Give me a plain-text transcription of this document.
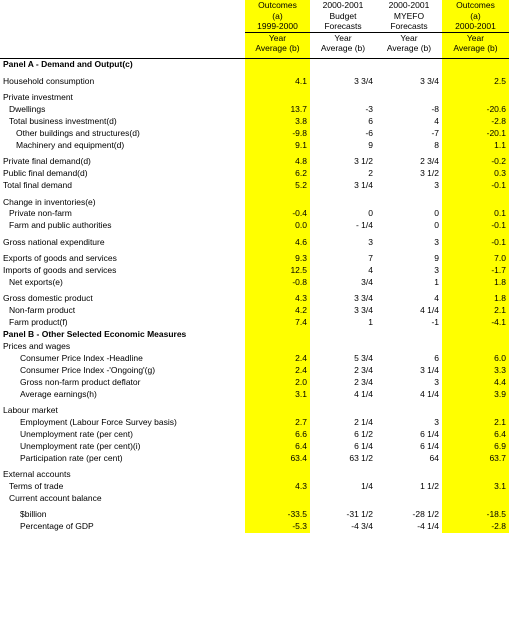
	Outcomes	2000-2001	2000-2001	Outcomes
	(a)	Budget	MYEFO	(a)
	1999-2000	Forecasts	Forecasts	2000-2001
	Year	Year	Year	Year
	Average (b)	Average (b)	Average (b)	Average (b)

Panel A - Demand and Output(c)				

Household consumption	4.1	3 3/4	3 3/4	2.5

Private investment				
Dwellings	13.7	-3	-8	-20.6
Total business investment(d)	3.8	6	4	-2.8
Other buildings and structures(d)	-9.8	-6	-7	-20.1
Machinery and equipment(d)	9.1	9	8	1.1

Private final demand(d)	4.8	3 1/2	2 3/4	-0.2
Public final demand(d)	6.2	2	3 1/2	0.3
Total final demand	5.2	3 1/4	3	-0.1

Change in inventories(e)				
Private non-farm	-0.4	0	0	0.1
Farm and public authorities	0.0	- 1/4	0	-0.1

Gross national expenditure	4.6	3	3	-0.1

Exports of goods and services	9.3	7	9	7.0
Imports of goods and services	12.5	4	3	-1.7
Net exports(e)	-0.8	3/4	1	1.8

Gross domestic product	4.3	3 3/4	4	1.8
Non-farm product	4.2	3 3/4	4 1/4	2.1
Farm product(f)	7.4	1	-1	-4.1
Panel B - Other Selected Economic Measures				
Prices and wages				
Consumer Price Index -Headline	2.4	5 3/4	6	6.0
Consumer Price Index -'Ongoing'(g)	2.4	2 3/4	3 1/4	3.3
Gross non-farm product deflator	2.0	2 3/4	3	4.4
Average earnings(h)	3.1	4 1/4	4 1/4	3.9

Labour market				
Employment (Labour Force Survey basis)	2.7	2 1/4	3	2.1
Unemployment rate (per cent)	6.6	6 1/2	6 1/4	6.4
Unemployment rate (per cent)(i)	6.4	6 1/4	6 1/4	6.9
Participation rate (per cent)	63.4	63 1/2	64	63.7

External accounts				
Terms of trade	4.3	1/4	1 1/2	3.1
Current account balance				

$billion	-33.5	-31 1/2	-28 1/2	-18.5
Percentage of GDP	-5.3	-4 3/4	-4 1/4	-2.8
